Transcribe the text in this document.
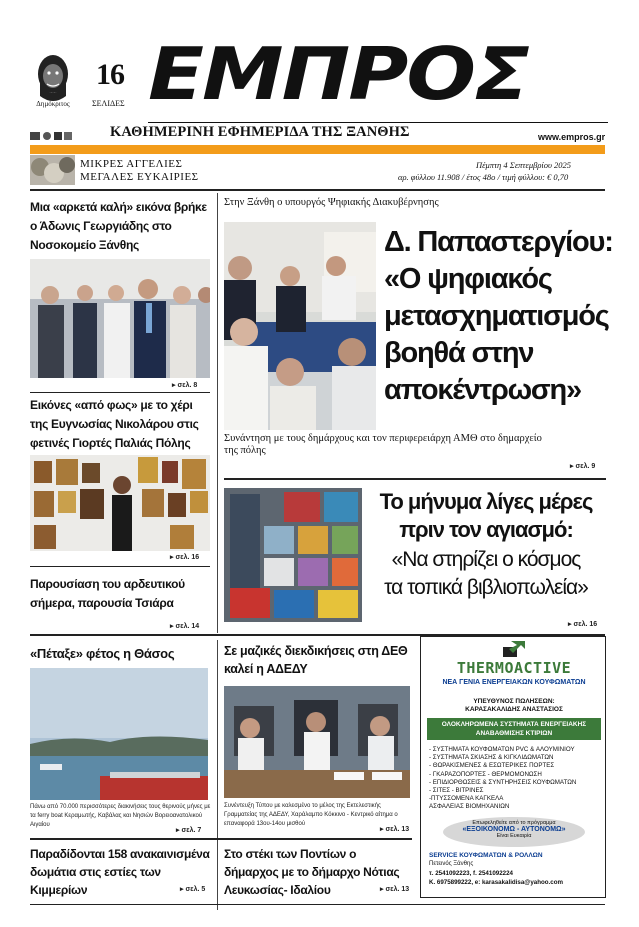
Δημόκριτος
16
ΣΕΛΙΔΕΣ ΕΜΠΡΟΣ
ΚΑΘΗΜΕΡΙΝΗ ΕΦΗΜΕΡΙΔΑ ΤΗΣ ΞΑΝΘΗΣ	www.empros.gr
ΜΙΚΡΕΣ ΑΓΓΕΛΙΕΣ
ΜΕΓΑΛΕΣ ΕΥΚΑΙΡΙΕΣ
Πέμπτη 4 Σεπτεμβρίου 2025
αρ. φύλλου 11.908 / έτος 48ο / τιμή φύλλου: € 0,70
Μια «αρκετά καλή» εικόνα βρήκε ο Άδωνις Γεωργιάδης στο Νοσοκομείο Ξάνθης
▸ σελ. 8
Εικόνες «από φως» με το χέρι της Ευγνωσίας Νικολάρου στις φετινές Γιορτές Παλιάς Πόλης
▸ σελ. 16
Παρουσίαση του αρδευτικού σήμερα, παρουσία Τσιάρα
▸ σελ. 14
Στην Ξάνθη ο υπουργός Ψηφιακής Διακυβέρνησης
Δ. Παπαστεργίου:
«Ο ψηφιακός
μετασχηματισμός
βοηθά στην
αποκέντρωση»
Συνάντηση με τους δημάρχους και τον περιφερειάρχη ΑΜΘ στο δημαρχείο της πόλης
▸ σελ. 9
Το μήνυμα λίγες μέρες
πριν τον αγιασμό:
«Να στηρίζει ο κόσμος
τα τοπικά βιβλιοπωλεία»
▸ σελ. 16
«Πέταξε» φέτος η Θάσος
Πάνω από 70.000 περισσότερες διακινήσεις τους θερινούς μήνες με τα ferry boat Κεραμωτής, Καβάλας και Νησιών Βορειοανατολικού Αιγαίου
▸ σελ. 7
Σε μαζικές διεκδικήσεις στη ΔΕΘ καλεί η ΑΔΕΔΥ
Συνέντευξη Τύπου με καλεσμένο το μέλος της Εκτελεστικής Γραμματείας της ΑΔΕΔΥ, Χαράλαμπο Κόκκινο - Κεντρικό αίτημα ο επαναφορά 13ου-14ου μισθού
▸ σελ. 13
Παραδίδονται 158 ανακαινισμένα δωμάτια στις εστίες των Κιμμερίων	▸ σελ. 5
Στο στέκι των Ποντίων ο δήμαρχος με το δήμαρχο Νότιας Λευκωσίας- Ιδαλίου	▸ σελ. 13
THERMOACTIVE
ΝΕΑ ΓΕΝΙΑ ΕΝΕΡΓΕΙΑΚΩΝ ΚΟΥΦΩΜΑΤΩΝ
ΥΠΕΥΘΥΝΟΣ ΠΩΛΗΣΕΩΝ:
ΚΑΡΑΣΑΚΑΛΙΔΗΣ ΑΝΑΣΤΑΣΙΟΣ
ΟΛΟΚΛΗΡΩΜΕΝΑ ΣΥΣΤΗΜΑΤΑ ΕΝΕΡΓΕΙΑΚΗΣ ΑΝΑΒΑΘΜΙΣΗΣ ΚΤΙΡΙΩΝ
- ΣΥΣΤΗΜΑΤΑ ΚΟΥΦΩΜΑΤΩΝ PVC & ΑΛΟΥΜΙΝΙΟΥ
- ΣΥΣΤΗΜΑΤΑ ΣΚΙΑΣΗΣ & ΚΙΓΚΛΙΔΩΜΑΤΩΝ
- ΘΩΡΑΚΙΣΜΕΝΕΣ & ΕΣΩΤΕΡΙΚΕΣ ΠΟΡΤΕΣ
- ΓΚΑΡΑΖΟΠΟΡΤΕΣ - ΘΕΡΜΟΜΟΝΩΣΗ
- ΕΠΙΔΙΟΡΘΩΣΕΙΣ & ΣΥΝΤΗΡΗΣΕΙΣ ΚΟΥΦΩΜΑΤΩΝ
- ΣΙΤΕΣ - ΒΙΤΡΙΝΕΣ
-ΠΤΥΣΣΟΜΕΝΑ ΚΑΓΚΕΛΑ ΑΣΦΑΛΕΙΑΣ ΒΙΟΜΗΧΑΝΙΩΝ
Επωφεληθείτε από το πρόγραμμα
«ΕΞΟΙΚΟΝΟΜΩ - ΑΥΤΟΝΟΜΩ»
Είναι Ευκαιρία
SERVICE ΚΟΥΦΩΜΑΤΩΝ & ΡΟΛΛΩΝ
Πετεινός Ξάνθης
τ. 2541092223, f. 2541092224
Κ. 6975899222, e: karasakalidisa@yahoo.com
